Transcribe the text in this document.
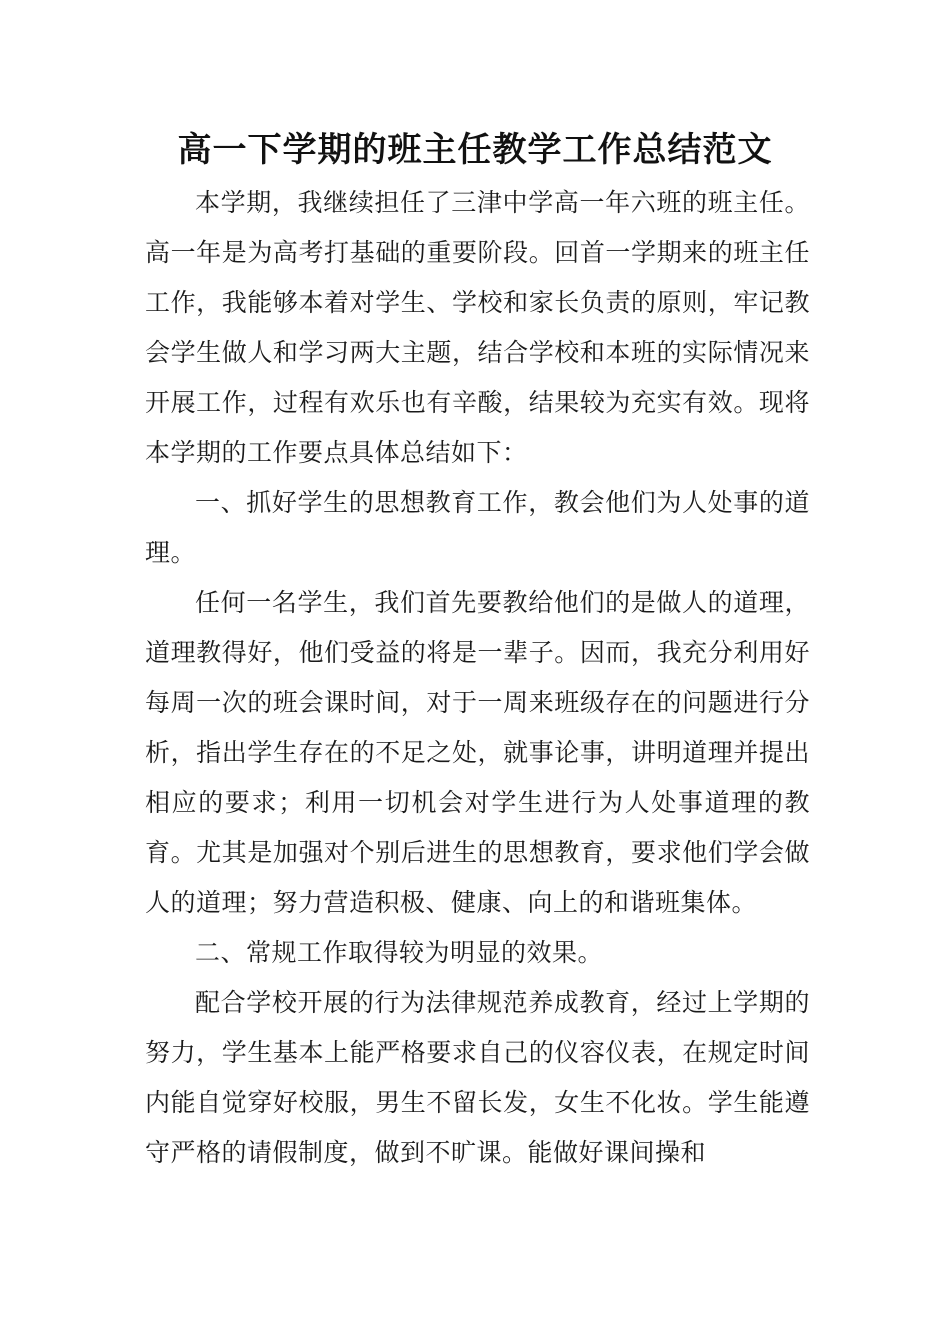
高一下学期的班主任教学工作总结范文

本学期，我继续担任了三津中学高一年六班的班主任。高一年是为高考打基础的重要阶段。回首一学期来的班主任工作，我能够本着对学生、学校和家长负责的原则，牢记教会学生做人和学习两大主题，结合学校和本班的实际情况来开展工作，过程有欢乐也有辛酸，结果较为充实有效。现将本学期的工作要点具体总结如下：

一、抓好学生的思想教育工作，教会他们为人处事的道理。

任何一名学生，我们首先要教给他们的是做人的道理，道理教得好，他们受益的将是一辈子。因而，我充分利用好每周一次的班会课时间，对于一周来班级存在的问题进行分析，指出学生存在的不足之处，就事论事，讲明道理并提出相应的要求；利用一切机会对学生进行为人处事道理的教育。尤其是加强对个别后进生的思想教育，要求他们学会做人的道理；努力营造积极、健康、向上的和谐班集体。

二、常规工作取得较为明显的效果。

配合学校开展的行为法律规范养成教育，经过上学期的努力，学生基本上能严格要求自己的仪容仪表，在规定时间内能自觉穿好校服，男生不留长发，女生不化妆。学生能遵守严格的请假制度，做到不旷课。能做好课间操和
